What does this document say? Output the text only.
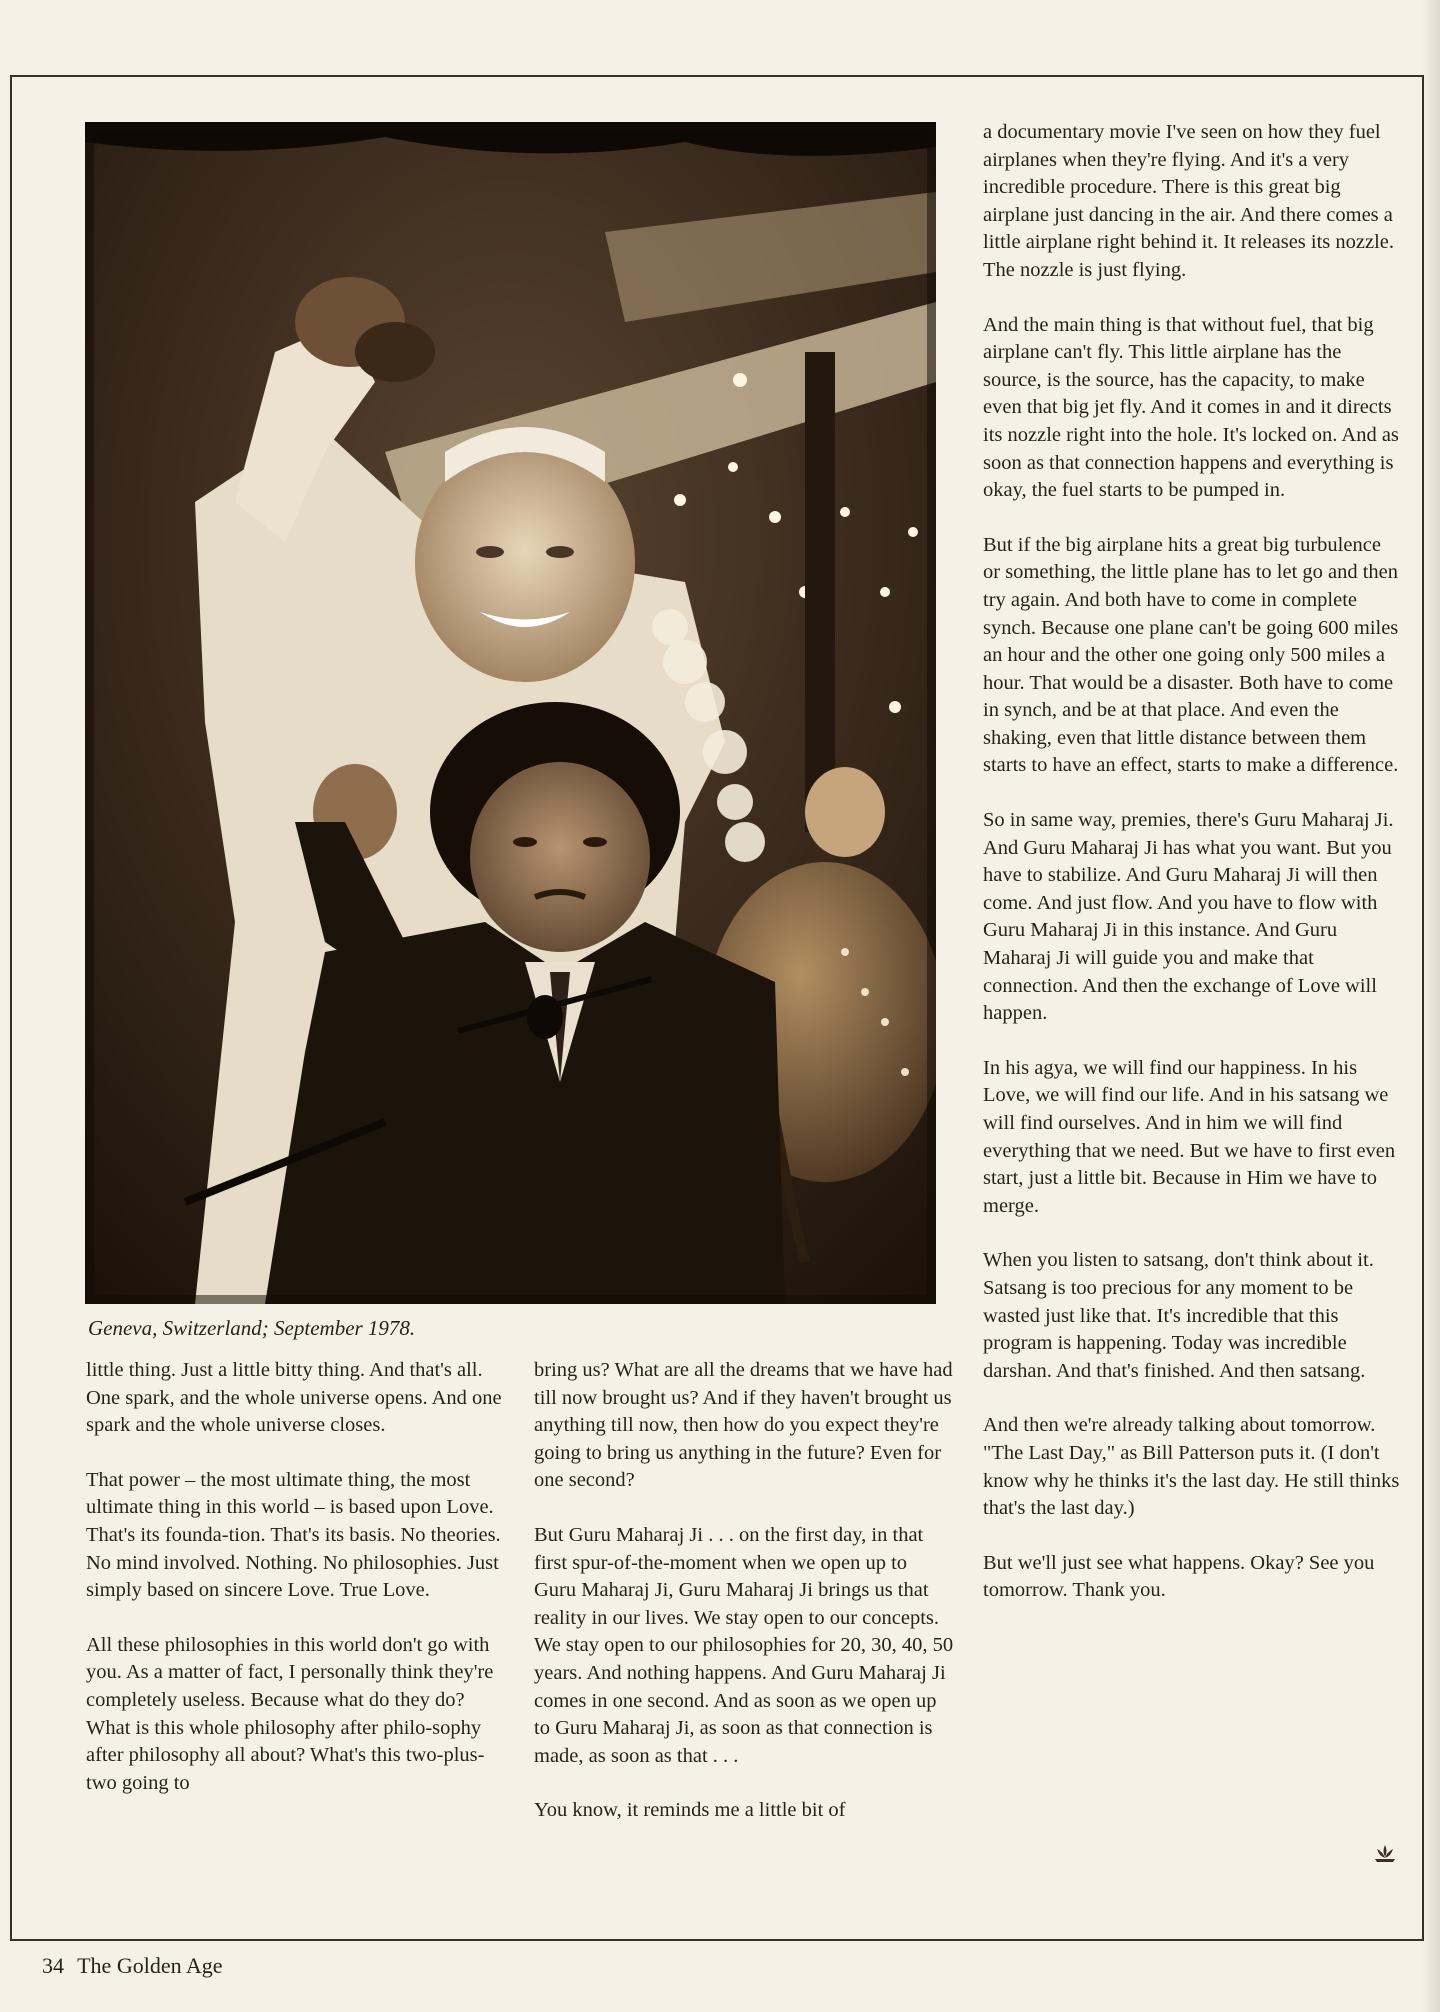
Geneva, Switzerland; September 1978.

little thing. Just a little bitty thing. And that's all. One spark, and the whole universe opens. And one spark and the whole universe closes.

That power – the most ultimate thing, the most ultimate thing in this world – is based upon Love. That's its founda-tion. That's its basis. No theories. No mind involved. Nothing. No philosophies. Just simply based on sincere Love. True Love.

All these philosophies in this world don't go with you. As a matter of fact, I personally think they're completely useless. Because what do they do? What is this whole philosophy after philo-sophy after philosophy all about? What's this two-plus-two going to

bring us? What are all the dreams that we have had till now brought us? And if they haven't brought us anything till now, then how do you expect they're going to bring us anything in the future? Even for one second?

But Guru Maharaj Ji . . . on the first day, in that first spur-of-the-moment when we open up to Guru Maharaj Ji, Guru Maharaj Ji brings us that reality in our lives. We stay open to our concepts. We stay open to our philosophies for 20, 30, 40, 50 years. And nothing happens. And Guru Maharaj Ji comes in one second. And as soon as we open up to Guru Maharaj Ji, as soon as that connection is made, as soon as that . . .

You know, it reminds me a little bit of

a documentary movie I've seen on how they fuel airplanes when they're flying. And it's a very incredible procedure. There is this great big airplane just dancing in the air. And there comes a little airplane right behind it. It releases its nozzle. The nozzle is just flying.

And the main thing is that without fuel, that big airplane can't fly. This little airplane has the source, is the source, has the capacity, to make even that big jet fly. And it comes in and it directs its nozzle right into the hole. It's locked on. And as soon as that connection happens and everything is okay, the fuel starts to be pumped in.

But if the big airplane hits a great big turbulence or something, the little plane has to let go and then try again. And both have to come in complete synch. Because one plane can't be going 600 miles an hour and the other one going only 500 miles a hour. That would be a disaster. Both have to come in synch, and be at that place. And even the shaking, even that little distance between them starts to have an effect, starts to make a difference.

So in same way, premies, there's Guru Maharaj Ji. And Guru Maharaj Ji has what you want. But you have to stabilize. And Guru Maharaj Ji will then come. And just flow. And you have to flow with Guru Maharaj Ji in this instance. And Guru Maharaj Ji will guide you and make that connection. And then the exchange of Love will happen.

In his agya, we will find our happiness. In his Love, we will find our life. And in his satsang we will find ourselves. And in him we will find everything that we need. But we have to first even start, just a little bit. Because in Him we have to merge.

When you listen to satsang, don't think about it. Satsang is too precious for any moment to be wasted just like that. It's incredible that this program is happening. Today was incredible darshan. And that's finished. And then satsang.

And then we're already talking about tomorrow. "The Last Day," as Bill Patterson puts it. (I don't know why he thinks it's the last day. He still thinks that's the last day.)

But we'll just see what happens. Okay? See you tomorrow. Thank you.

34 The Golden Age
